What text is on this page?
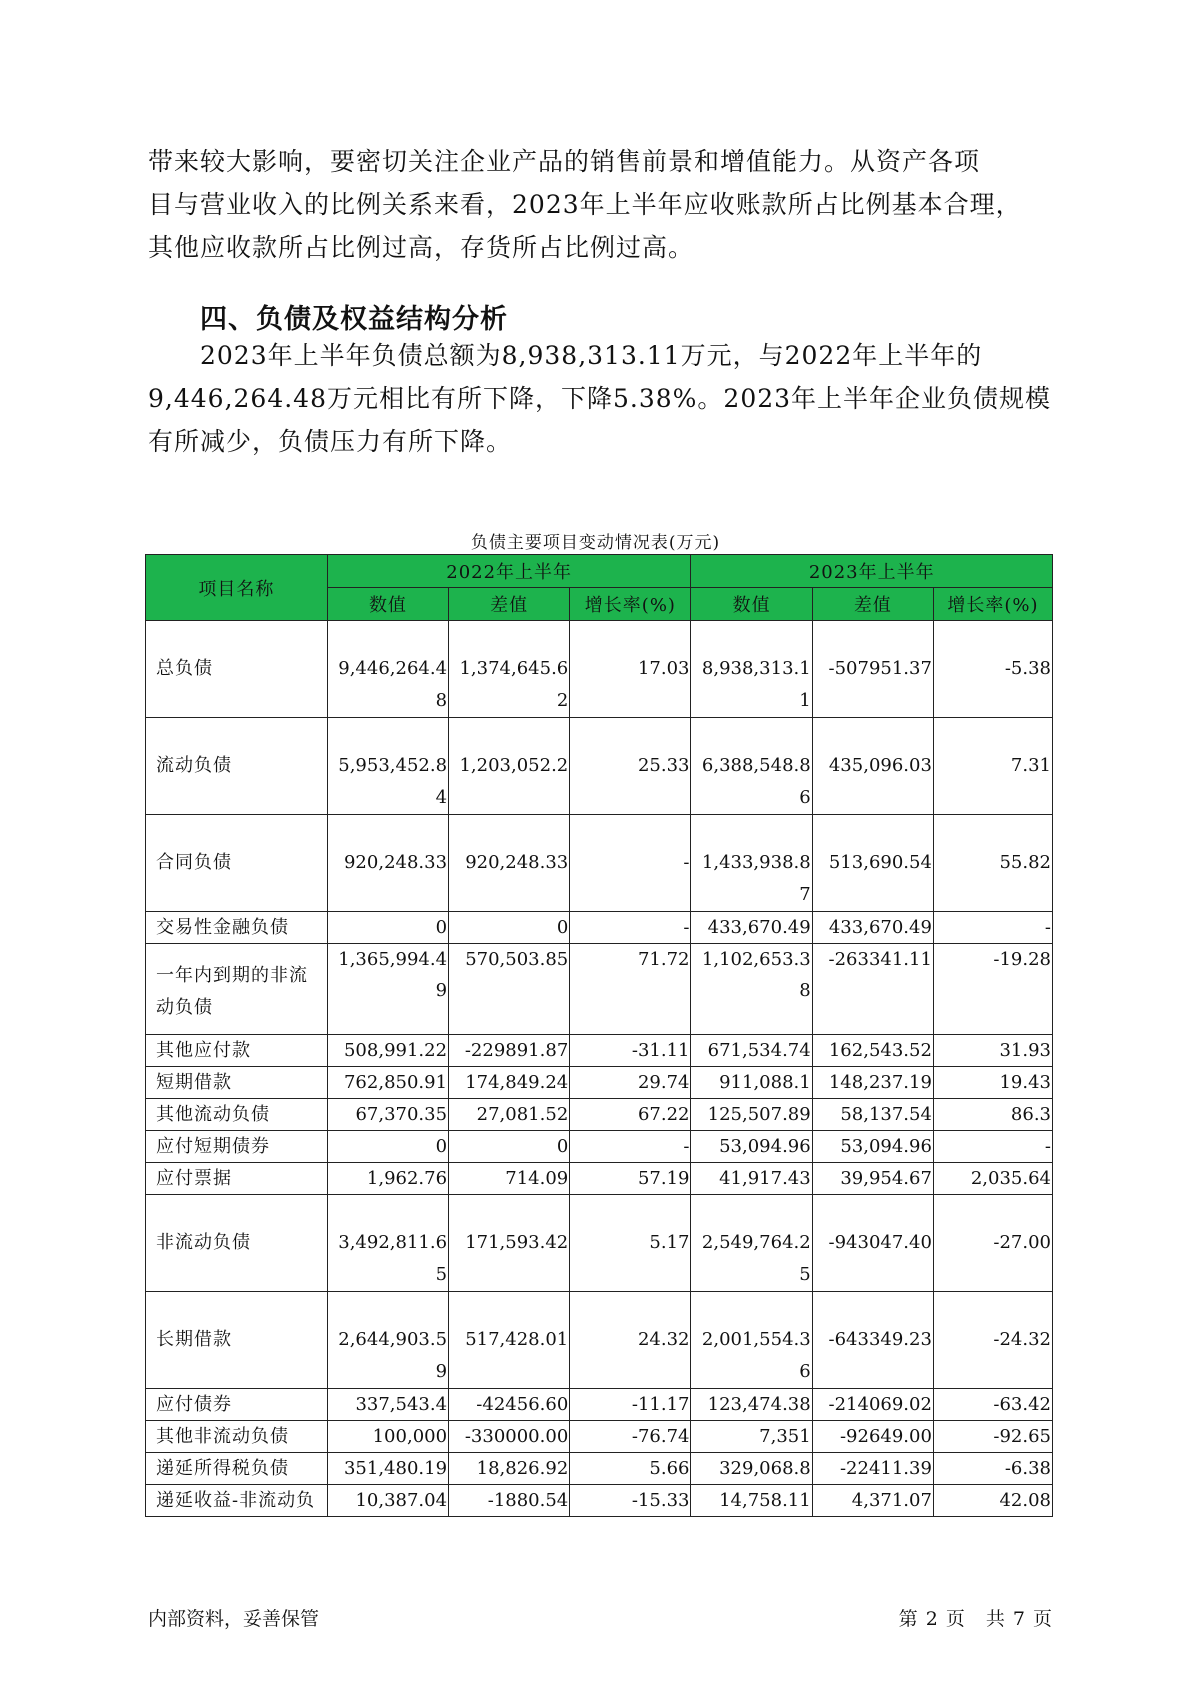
带来较大影响，要密切关注企业产品的销售前景和增值能力。从资产各项
目与营业收入的比例关系来看，2023年上半年应收账款所占比例基本合理，
其他应收款所占比例过高，存货所占比例过高。
四、负债及权益结构分析
2023年上半年负债总额为8,938,313.11万元，与2022年上半年的
9,446,264.48万元相比有所下降，下降5.38%。2023年上半年企业负债规模
有所减少，负债压力有所下降。
负债主要项目变动情况表(万元)
项目名称	2022年上半年			2023年上半年		
	数值	差值	增长率(%)	数值	差值	增长率(%)

总负债	9,446,264.48	1,374,645.62	17.03	8,938,313.11	-507951.37	-5.38

流动负债	5,953,452.84	1,203,052.2	25.33	6,388,548.86	435,096.03	7.31

合同负债	920,248.33	920,248.33	-	1,433,938.87	513,690.54	55.82

交易性金融负债	0	0	-	433,670.49	433,670.49	-

一年内到期的非流动负债	1,365,994.49	570,503.85	71.72	1,102,653.38	-263341.11	-19.28

其他应付款	508,991.22	-229891.87	-31.11	671,534.74	162,543.52	31.93

短期借款	762,850.91	174,849.24	29.74	911,088.1	148,237.19	19.43

其他流动负债	67,370.35	27,081.52	67.22	125,507.89	58,137.54	86.3

应付短期债券	0	0	-	53,094.96	53,094.96	-

应付票据	1,962.76	714.09	57.19	41,917.43	39,954.67	2,035.64

非流动负债	3,492,811.65	171,593.42	5.17	2,549,764.25	-943047.40	-27.00

长期借款	2,644,903.59	517,428.01	24.32	2,001,554.36	-643349.23	-24.32

应付债券	337,543.4	-42456.60	-11.17	123,474.38	-214069.02	-63.42

其他非流动负债	100,000	-330000.00	-76.74	7,351	-92649.00	-92.65

递延所得税负债	351,480.19	18,826.92	5.66	329,068.8	-22411.39	-6.38

递延收益-非流动负	10,387.04	-1880.54	-15.33	14,758.11	4,371.07	42.08
内部资料，妥善保管	第 2 页　共 7 页
